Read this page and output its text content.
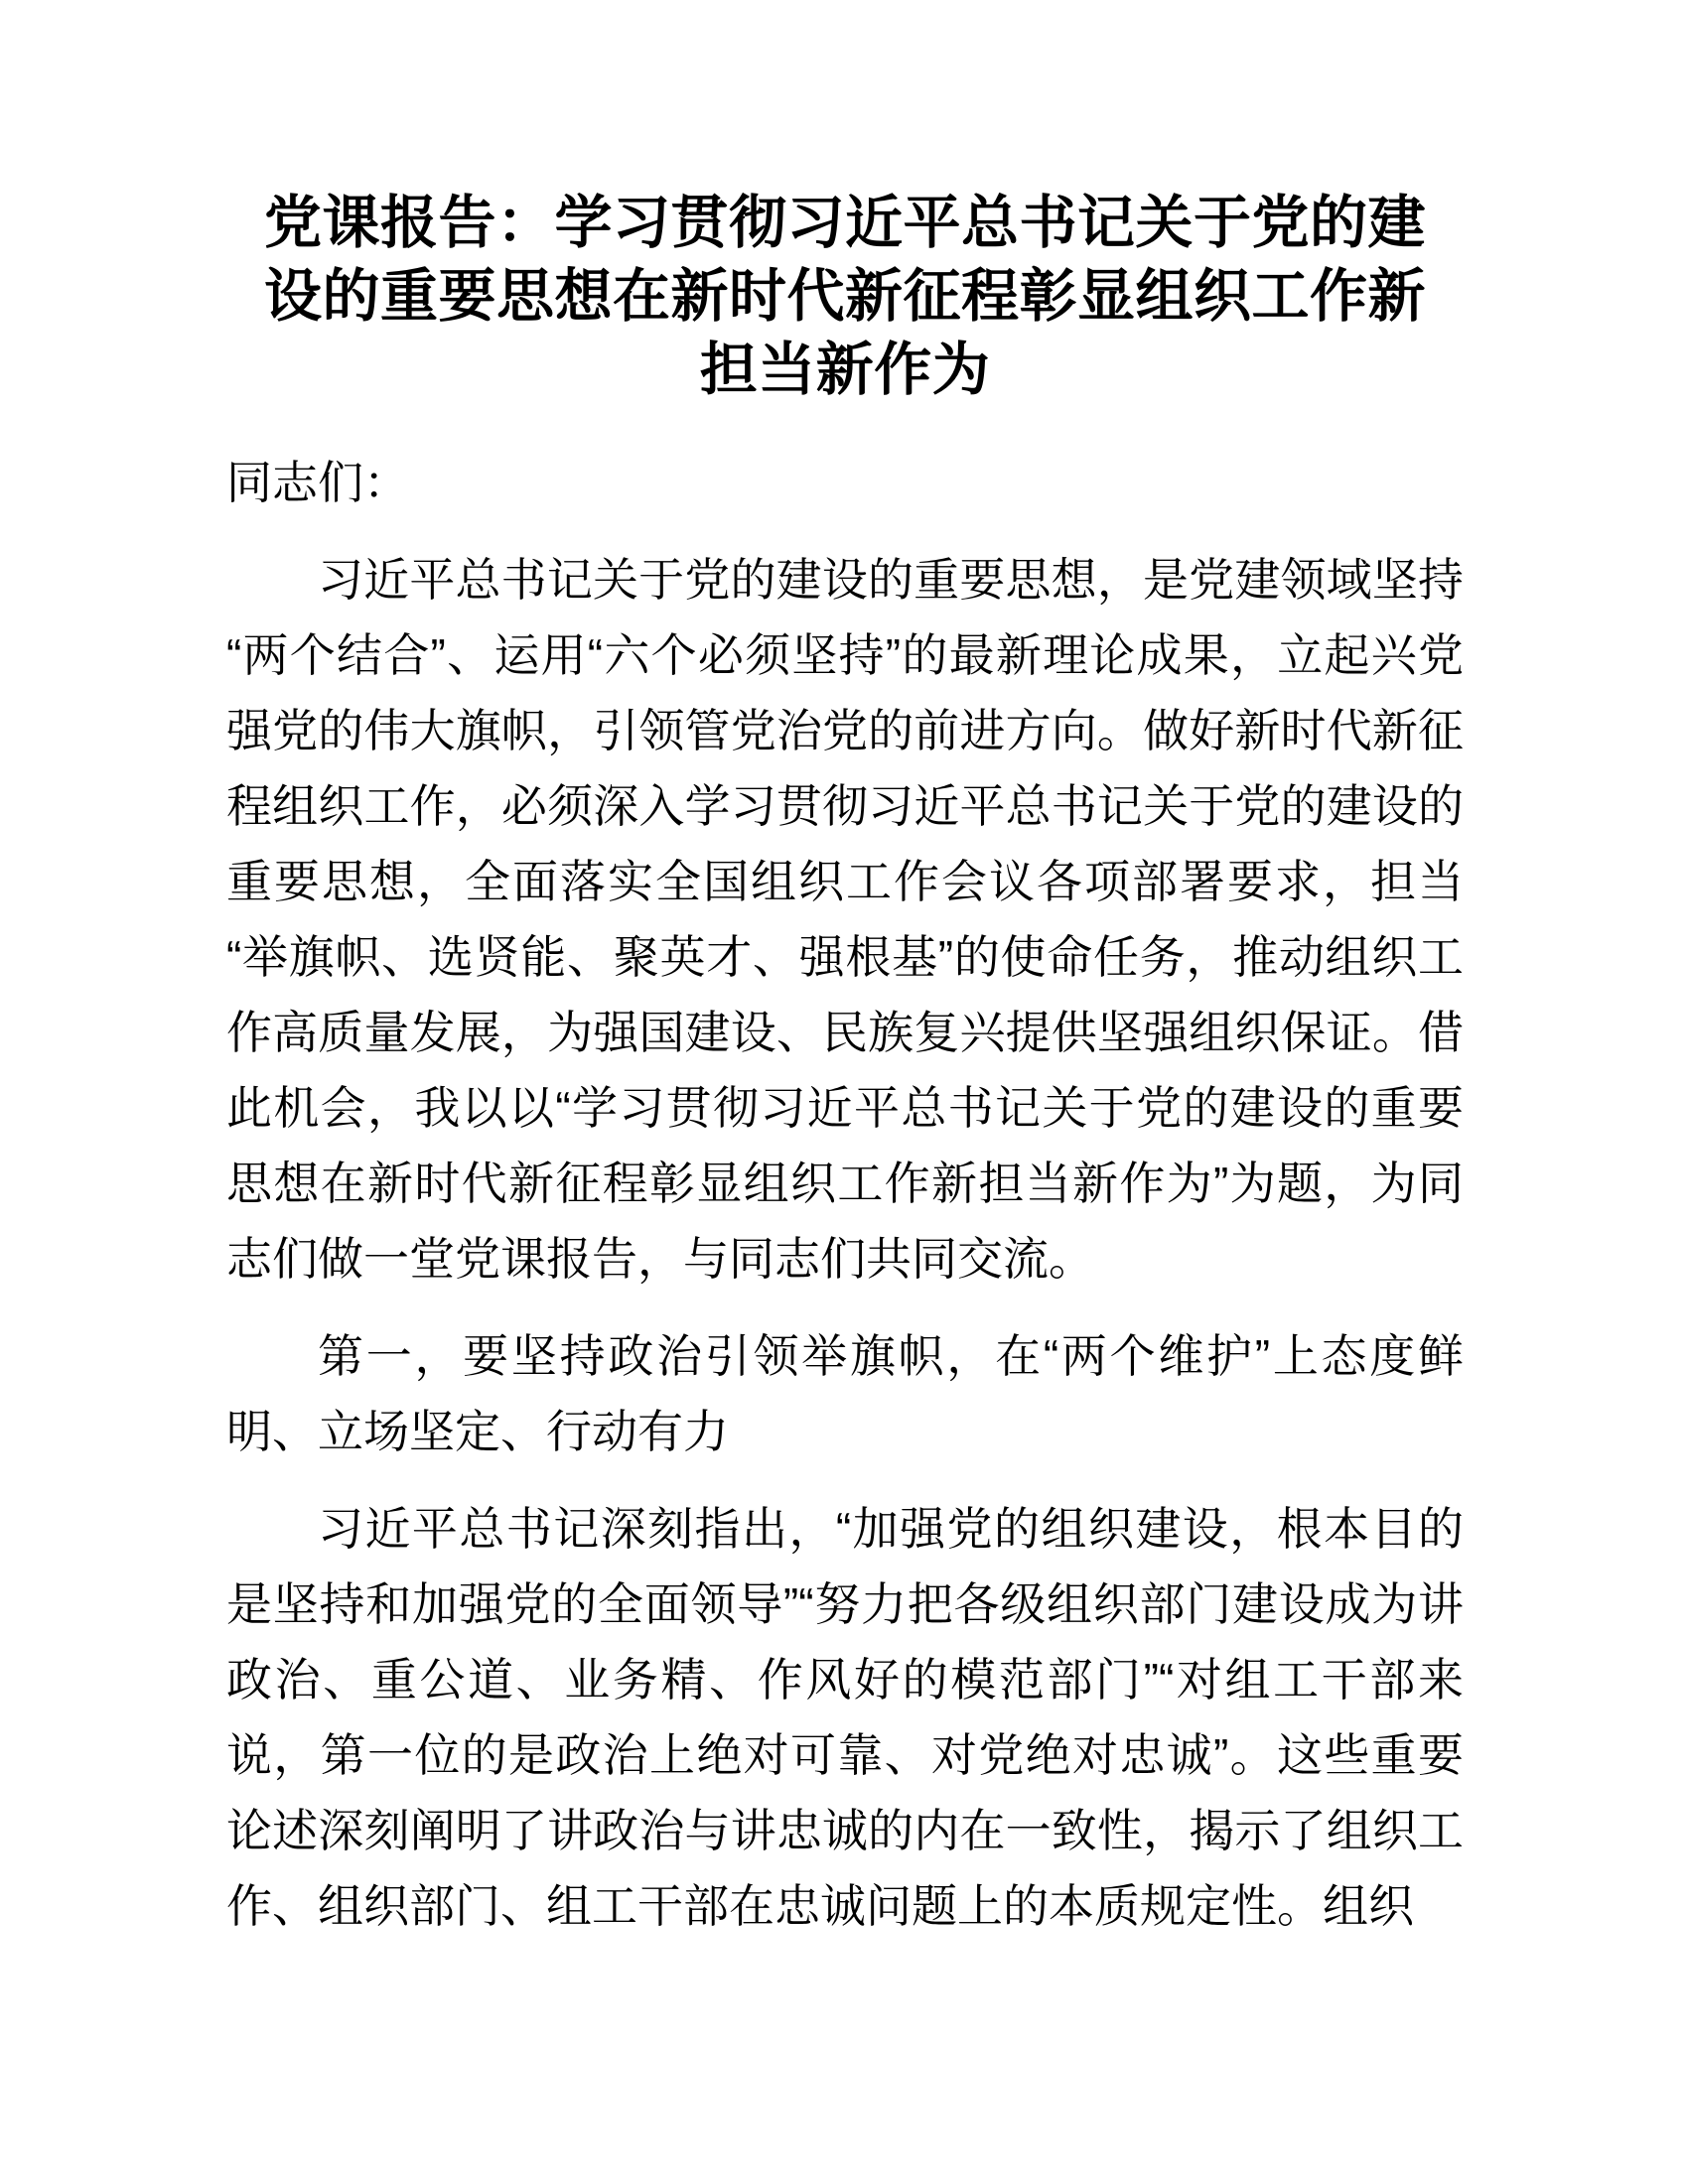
党课报告：学习贯彻习近平总书记关于党的建
设的重要思想在新时代新征程彰显组织工作新
担当新作为

同志们：

习近平总书记关于党的建设的重要思想，是党建领域坚持“两个结合”、运用“六个必须坚持”的最新理论成果，立起兴党强党的伟大旗帜，引领管党治党的前进方向。做好新时代新征程组织工作，必须深入学习贯彻习近平总书记关于党的建设的重要思想，全面落实全国组织工作会议各项部署要求，担当“举旗帜、选贤能、聚英才、强根基”的使命任务，推动组织工作高质量发展，为强国建设、民族复兴提供坚强组织保证。借此机会，我以以“学习贯彻习近平总书记关于党的建设的重要思想在新时代新征程彰显组织工作新担当新作为”为题，为同志们做一堂党课报告，与同志们共同交流。

第一，要坚持政治引领举旗帜，在“两个维护”上态度鲜明、立场坚定、行动有力

习近平总书记深刻指出，“加强党的组织建设，根本目的是坚持和加强党的全面领导”“努力把各级组织部门建设成为讲政治、重公道、业务精、作风好的模范部门”“对组工干部来说，第一位的是政治上绝对可靠、对党绝对忠诚”。这些重要论述深刻阐明了讲政治与讲忠诚的内在一致性，揭示了组织工作、组织部门、组工干部在忠诚问题上的本质规定性。组织
